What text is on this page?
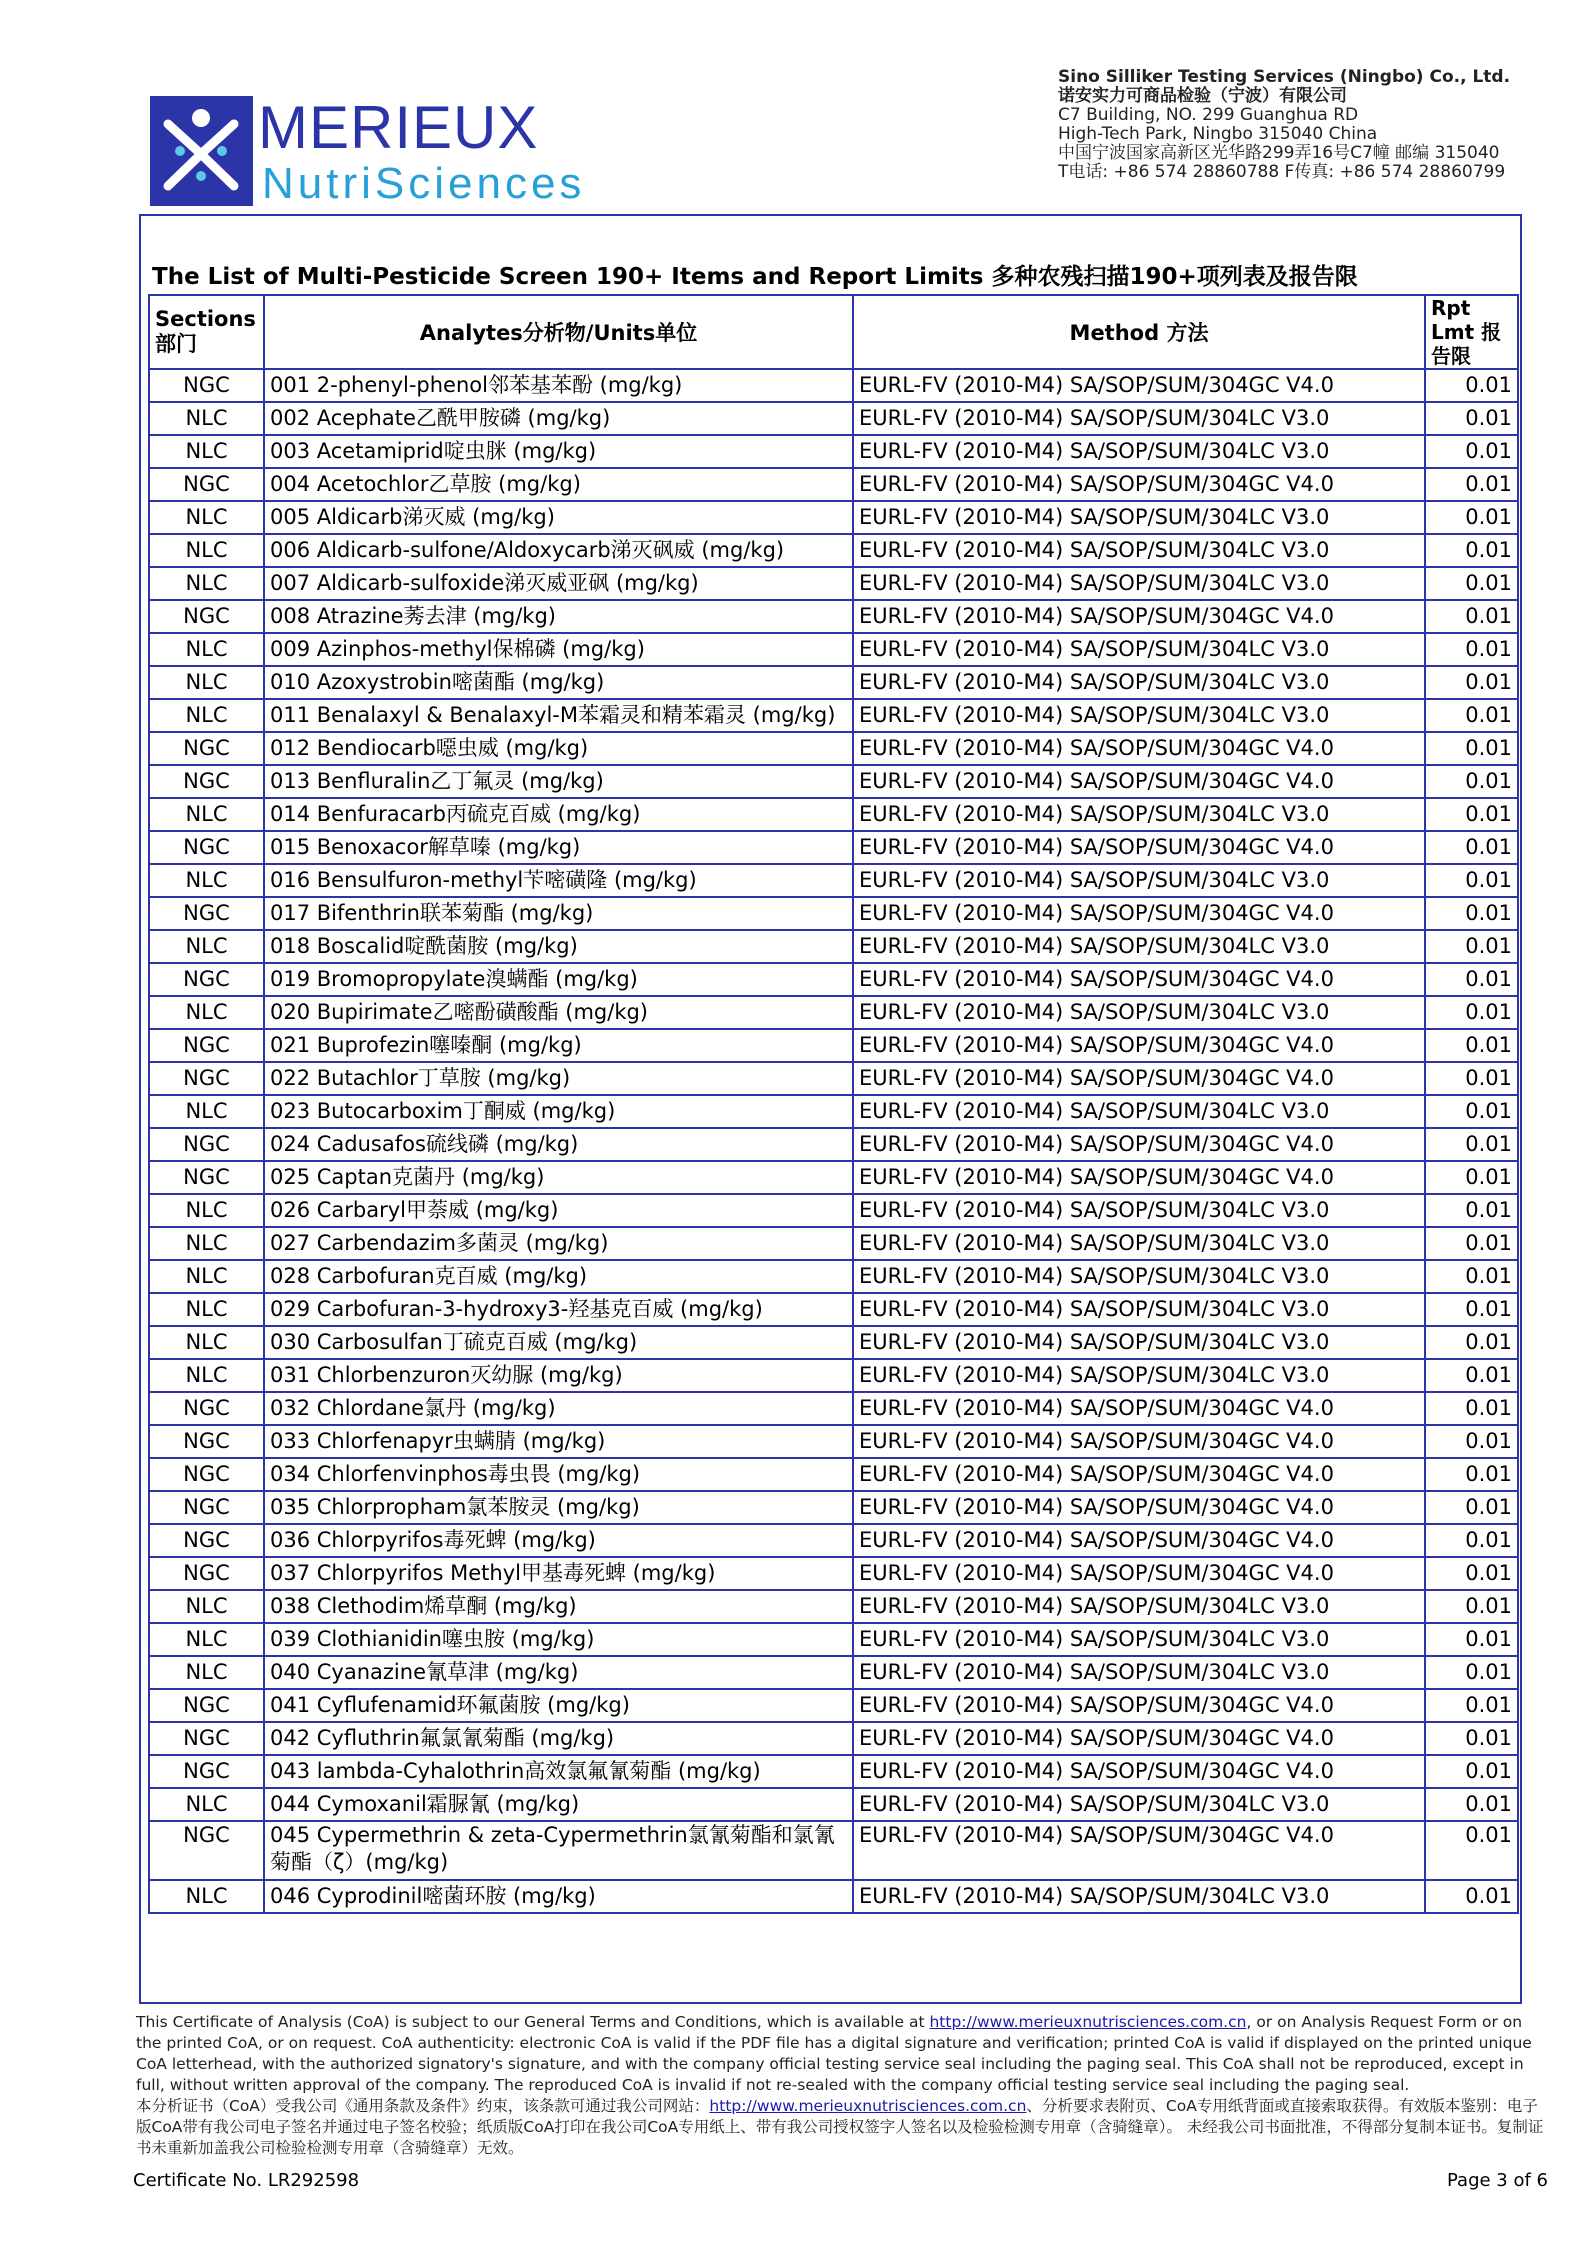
MERIEUX
NutriSciences
Sino Silliker Testing Services (Ningbo) Co., Ltd.
诺安实力可商品检验（宁波）有限公司
C7 Building, NO. 299 Guanghua RD
High-Tech Park, Ningbo 315040 China
中国宁波国家高新区光华路299弄16号C7幢 邮编 315040
T电话: +86 574 28860788 F传真: +86 574 28860799
The List of Multi-Pesticide Screen 190+ Items and Report Limits 多种农残扫描190+项列表及报告限
Sections 部门	Analytes分析物/Units单位	Method 方法	Rpt Lmt 报告限
NGC	001 2-phenyl-phenol邻苯基苯酚 (mg/kg)	EURL-FV (2010-M4) SA/SOP/SUM/304GC V4.0	0.01
NLC	002 Acephate乙酰甲胺磷 (mg/kg)	EURL-FV (2010-M4) SA/SOP/SUM/304LC V3.0	0.01
NLC	003 Acetamiprid啶虫脒 (mg/kg)	EURL-FV (2010-M4) SA/SOP/SUM/304LC V3.0	0.01
NGC	004 Acetochlor乙草胺 (mg/kg)	EURL-FV (2010-M4) SA/SOP/SUM/304GC V4.0	0.01
NLC	005 Aldicarb涕灭威 (mg/kg)	EURL-FV (2010-M4) SA/SOP/SUM/304LC V3.0	0.01
NLC	006 Aldicarb-sulfone/Aldoxycarb涕灭砜威 (mg/kg)	EURL-FV (2010-M4) SA/SOP/SUM/304LC V3.0	0.01
NLC	007 Aldicarb-sulfoxide涕灭威亚砜 (mg/kg)	EURL-FV (2010-M4) SA/SOP/SUM/304LC V3.0	0.01
NGC	008 Atrazine莠去津 (mg/kg)	EURL-FV (2010-M4) SA/SOP/SUM/304GC V4.0	0.01
NLC	009 Azinphos-methyl保棉磷 (mg/kg)	EURL-FV (2010-M4) SA/SOP/SUM/304LC V3.0	0.01
NLC	010 Azoxystrobin嘧菌酯 (mg/kg)	EURL-FV (2010-M4) SA/SOP/SUM/304LC V3.0	0.01
NLC	011 Benalaxyl & Benalaxyl-M苯霜灵和精苯霜灵 (mg/kg)	EURL-FV (2010-M4) SA/SOP/SUM/304LC V3.0	0.01
NGC	012 Bendiocarb噁虫威 (mg/kg)	EURL-FV (2010-M4) SA/SOP/SUM/304GC V4.0	0.01
NGC	013 Benfluralin乙丁氟灵 (mg/kg)	EURL-FV (2010-M4) SA/SOP/SUM/304GC V4.0	0.01
NLC	014 Benfuracarb丙硫克百威 (mg/kg)	EURL-FV (2010-M4) SA/SOP/SUM/304LC V3.0	0.01
NGC	015 Benoxacor解草嗪 (mg/kg)	EURL-FV (2010-M4) SA/SOP/SUM/304GC V4.0	0.01
NLC	016 Bensulfuron-methyl苄嘧磺隆 (mg/kg)	EURL-FV (2010-M4) SA/SOP/SUM/304LC V3.0	0.01
NGC	017 Bifenthrin联苯菊酯 (mg/kg)	EURL-FV (2010-M4) SA/SOP/SUM/304GC V4.0	0.01
NLC	018 Boscalid啶酰菌胺 (mg/kg)	EURL-FV (2010-M4) SA/SOP/SUM/304LC V3.0	0.01
NGC	019 Bromopropylate溴螨酯 (mg/kg)	EURL-FV (2010-M4) SA/SOP/SUM/304GC V4.0	0.01
NLC	020 Bupirimate乙嘧酚磺酸酯 (mg/kg)	EURL-FV (2010-M4) SA/SOP/SUM/304LC V3.0	0.01
NGC	021 Buprofezin噻嗪酮 (mg/kg)	EURL-FV (2010-M4) SA/SOP/SUM/304GC V4.0	0.01
NGC	022 Butachlor丁草胺 (mg/kg)	EURL-FV (2010-M4) SA/SOP/SUM/304GC V4.0	0.01
NLC	023 Butocarboxim丁酮威 (mg/kg)	EURL-FV (2010-M4) SA/SOP/SUM/304LC V3.0	0.01
NGC	024 Cadusafos硫线磷 (mg/kg)	EURL-FV (2010-M4) SA/SOP/SUM/304GC V4.0	0.01
NGC	025 Captan克菌丹 (mg/kg)	EURL-FV (2010-M4) SA/SOP/SUM/304GC V4.0	0.01
NLC	026 Carbaryl甲萘威 (mg/kg)	EURL-FV (2010-M4) SA/SOP/SUM/304LC V3.0	0.01
NLC	027 Carbendazim多菌灵 (mg/kg)	EURL-FV (2010-M4) SA/SOP/SUM/304LC V3.0	0.01
NLC	028 Carbofuran克百威 (mg/kg)	EURL-FV (2010-M4) SA/SOP/SUM/304LC V3.0	0.01
NLC	029 Carbofuran-3-hydroxy3-羟基克百威 (mg/kg)	EURL-FV (2010-M4) SA/SOP/SUM/304LC V3.0	0.01
NLC	030 Carbosulfan丁硫克百威 (mg/kg)	EURL-FV (2010-M4) SA/SOP/SUM/304LC V3.0	0.01
NLC	031 Chlorbenzuron灭幼脲 (mg/kg)	EURL-FV (2010-M4) SA/SOP/SUM/304LC V3.0	0.01
NGC	032 Chlordane氯丹 (mg/kg)	EURL-FV (2010-M4) SA/SOP/SUM/304GC V4.0	0.01
NGC	033 Chlorfenapyr虫螨腈 (mg/kg)	EURL-FV (2010-M4) SA/SOP/SUM/304GC V4.0	0.01
NGC	034 Chlorfenvinphos毒虫畏 (mg/kg)	EURL-FV (2010-M4) SA/SOP/SUM/304GC V4.0	0.01
NGC	035 Chlorpropham氯苯胺灵 (mg/kg)	EURL-FV (2010-M4) SA/SOP/SUM/304GC V4.0	0.01
NGC	036 Chlorpyrifos毒死蜱 (mg/kg)	EURL-FV (2010-M4) SA/SOP/SUM/304GC V4.0	0.01
NGC	037 Chlorpyrifos Methyl甲基毒死蜱 (mg/kg)	EURL-FV (2010-M4) SA/SOP/SUM/304GC V4.0	0.01
NLC	038 Clethodim烯草酮 (mg/kg)	EURL-FV (2010-M4) SA/SOP/SUM/304LC V3.0	0.01
NLC	039 Clothianidin噻虫胺 (mg/kg)	EURL-FV (2010-M4) SA/SOP/SUM/304LC V3.0	0.01
NLC	040 Cyanazine氰草津 (mg/kg)	EURL-FV (2010-M4) SA/SOP/SUM/304LC V3.0	0.01
NGC	041 Cyflufenamid环氟菌胺 (mg/kg)	EURL-FV (2010-M4) SA/SOP/SUM/304GC V4.0	0.01
NGC	042 Cyfluthrin氟氯氰菊酯 (mg/kg)	EURL-FV (2010-M4) SA/SOP/SUM/304GC V4.0	0.01
NGC	043 lambda-Cyhalothrin高效氯氟氰菊酯 (mg/kg)	EURL-FV (2010-M4) SA/SOP/SUM/304GC V4.0	0.01
NLC	044 Cymoxanil霜脲氰 (mg/kg)	EURL-FV (2010-M4) SA/SOP/SUM/304LC V3.0	0.01
NGC	045 Cypermethrin & zeta-Cypermethrin氯氰菊酯和氯氰菊酯（ζ）(mg/kg)	EURL-FV (2010-M4) SA/SOP/SUM/304GC V4.0	0.01
NLC	046 Cyprodinil嘧菌环胺 (mg/kg)	EURL-FV (2010-M4) SA/SOP/SUM/304LC V3.0	0.01
This Certificate of Analysis (CoA) is subject to our General Terms and Conditions, which is available at http://www.merieuxnutrisciences.com.cn, or on Analysis Request Form or on the printed CoA, or on request. CoA authenticity: electronic CoA is valid if the PDF file has a digital signature and verification; printed CoA is valid if displayed on the printed unique CoA letterhead, with the authorized signatory's signature, and with the company official testing service seal including the paging seal. This CoA shall not be reproduced, except in full, without written approval of the company. The reproduced CoA is invalid if not re-sealed with the company official testing service seal including the paging seal.
本分析证书（CoA）受我公司《通用条款及条件》约束，该条款可通过我公司网站：http://www.merieuxnutrisciences.com.cn、分析要求表附页、CoA专用纸背面或直接索取获得。有效版本鉴别：电子版CoA带有我公司电子签名并通过电子签名校验；纸质版CoA打印在我公司CoA专用纸上、带有我公司授权签字人签名以及检验检测专用章（含骑缝章）。 未经我公司书面批准，不得部分复制本证书。复制证书未重新加盖我公司检验检测专用章（含骑缝章）无效。
Certificate No. LR292598	Page 3 of 6
